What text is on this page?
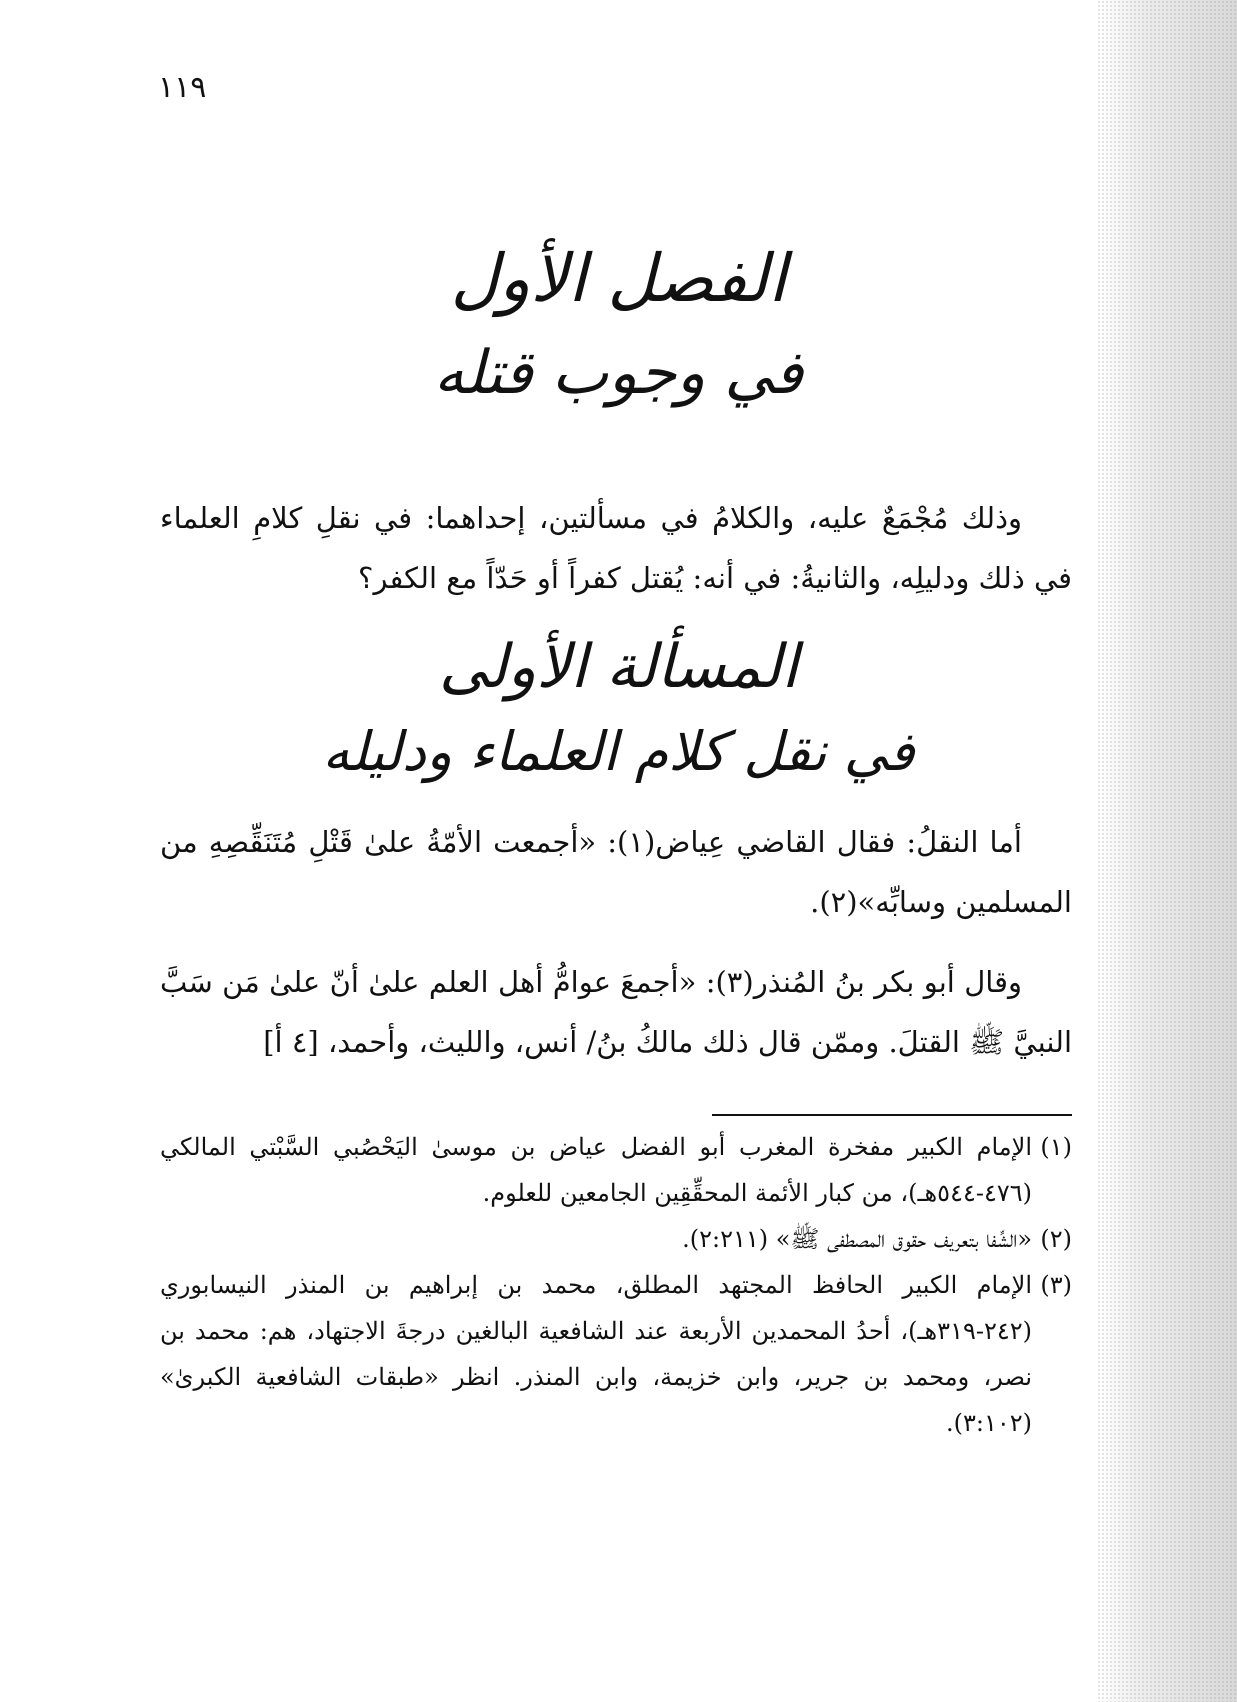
١١٩
الفصل الأول
في وجوب قتله
وذلك مُجْمَعٌ عليه، والكلامُ في مسألتين، إحداهما: في نقلِ كلامِ العلماء في ذلك ودليلِه، والثانيةُ: في أنه: يُقتل كفراً أو حَدّاً مع الكفر؟
المسألة الأولى
في نقل كلام العلماء ودليله
أما النقلُ: فقال القاضي عِياض(١): «أجمعت الأمّةُ علىٰ قَتْلِ مُتَنَقِّصِهِ من المسلمين وسابِّه»(٢).
وقال أبو بكر بنُ المُنذر(٣): «أجمعَ عوامُّ أهل العلم علىٰ أنّ علىٰ مَن سَبَّ النبيَّ ﷺ القتلَ. وممّن قال ذلك مالكُ بنُ/ أنس، والليث، وأحمد، [٤ أ]
(١)
الإمام الكبير مفخرة المغرب أبو الفضل عياض بن موسىٰ اليَحْصُبي السَّبْتي المالكي (٤٧٦-٥٤٤هـ)، من كبار الأئمة المحقِّقِين الجامعين للعلوم.
(٢)
«الشِّفا بتعريف حقوق المصطفى ﷺ» (٢:٢١١).
(٣)
الإمام الكبير الحافظ المجتهد المطلق، محمد بن إبراهيم بن المنذر النيسابوري (٢٤٢-٣١٩هـ)، أحدُ المحمدين الأربعة عند الشافعية البالغين درجةَ الاجتهاد، هم: محمد بن نصر، ومحمد بن جرير، وابن خزيمة، وابن المنذر. انظر «طبقات الشافعية الكبرىٰ» (٣:١٠٢).
